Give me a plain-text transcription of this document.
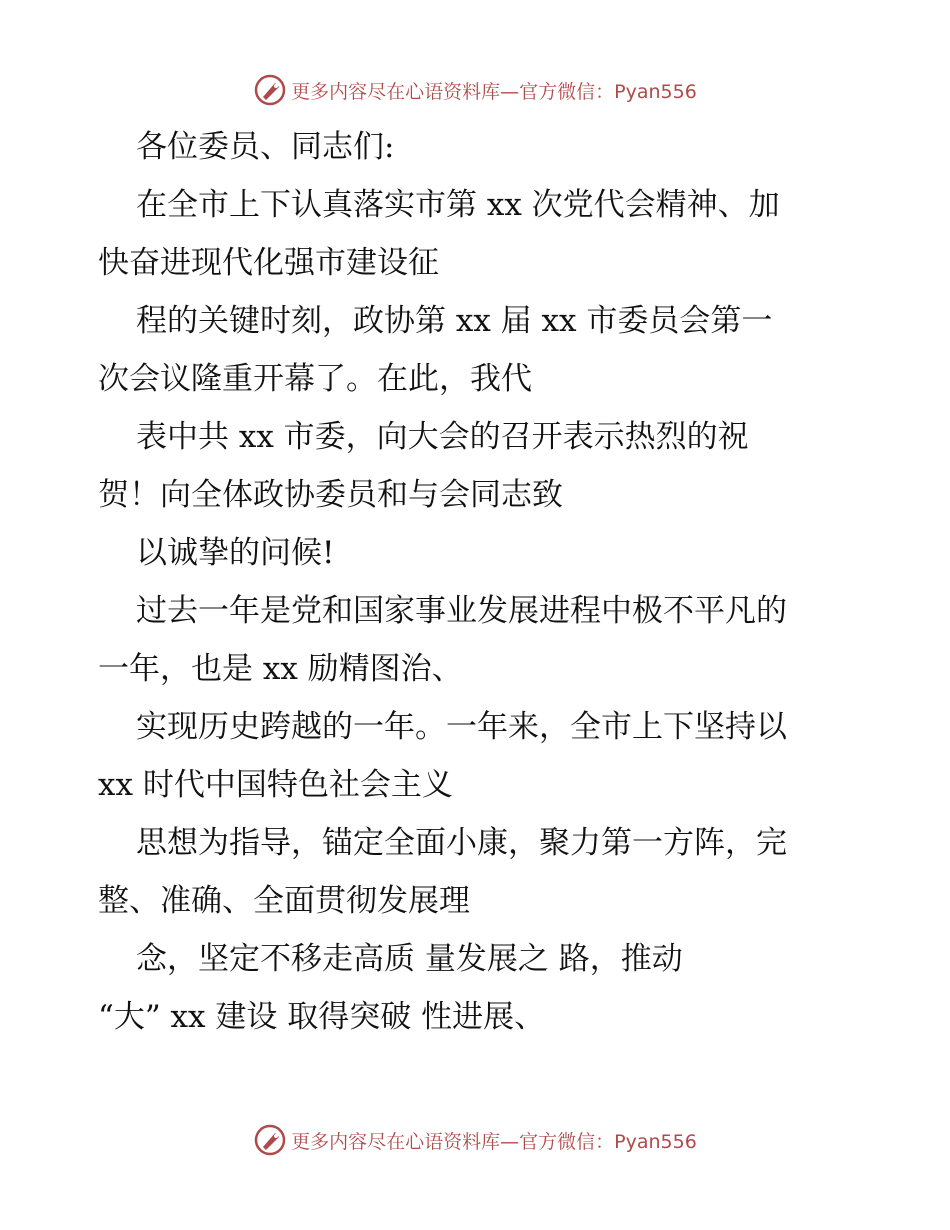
更多内容尽在心语资料库—官方微信：Pyan556

各位委员、同志们:

在全市上下认真落实市第 xx 次党代会精神、加

快奋进现代化强市建设征

程的关键时刻，政协第 xx 届 xx 市委员会第一

次会议隆重开幕了。在此，我代

表中共 xx 市委，向大会的召开表示热烈的祝

贺！向全体政协委员和与会同志致

以诚挚的问候!

过去一年是党和国家事业发展进程中极不平凡的

一年，也是 xx 励精图治、

实现历史跨越的一年。一年来，全市上下坚持以

xx 时代中国特色社会主义

思想为指导，锚定全面小康，聚力第一方阵，完

整、准确、全面贯彻发展理

念，坚定不移走高质 量发展之 路，推动

“大” xx 建设 取得突破 性进展、

更多内容尽在心语资料库—官方微信：Pyan556
